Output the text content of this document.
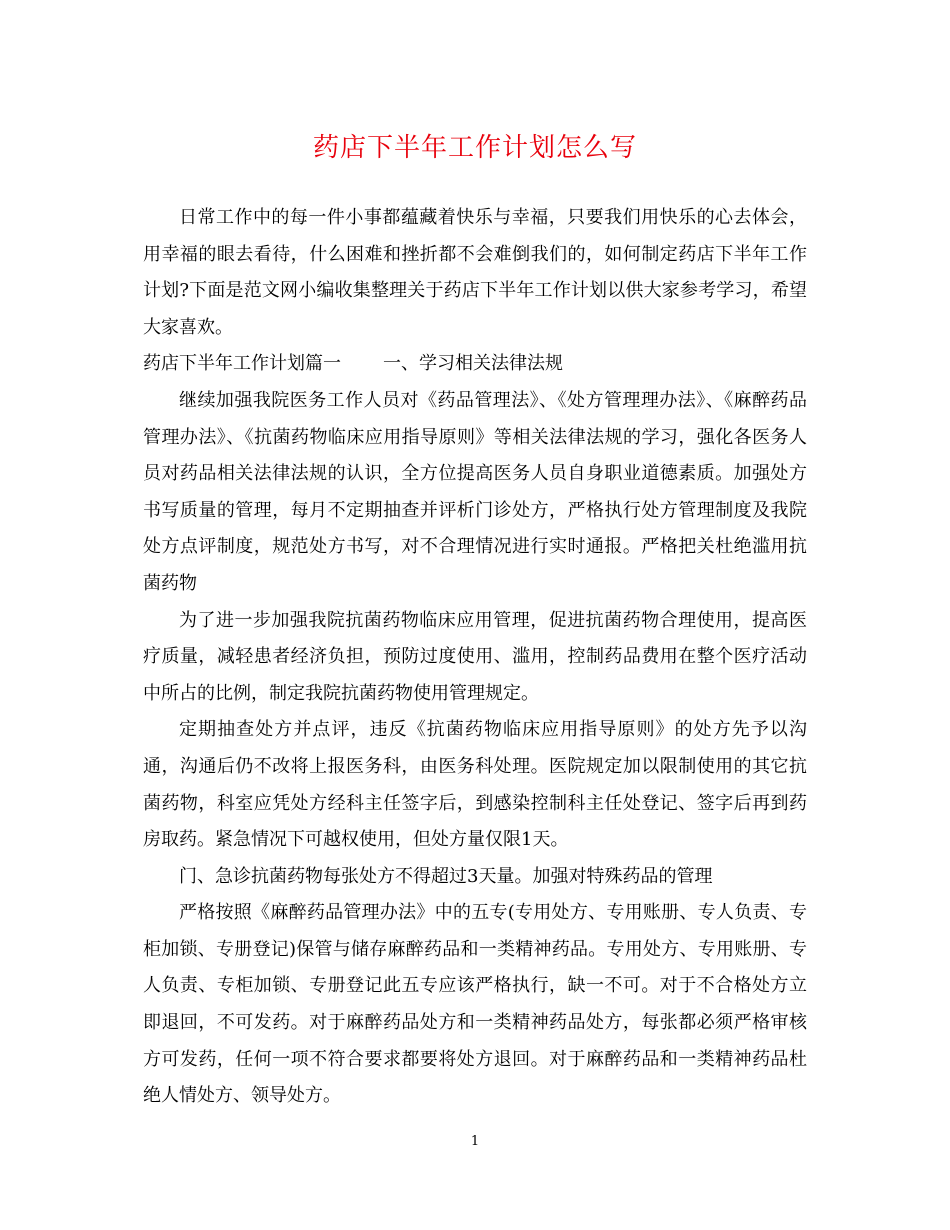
药店下半年工作计划怎么写

日常工作中的每一件小事都蕴藏着快乐与幸福，只要我们用快乐的心去体会，用幸福的眼去看待，什么困难和挫折都不会难倒我们的，如何制定药店下半年工作计划?下面是范文网小编收集整理关于药店下半年工作计划以供大家参考学习，希望大家喜欢。

药店下半年工作计划篇一 一、学习相关法律法规

继续加强我院医务工作人员对《药品管理法》、《处方管理理办法》、《麻醉药品管理办法》、《抗菌药物临床应用指导原则》等相关法律法规的学习，强化各医务人员对药品相关法律法规的认识，全方位提高医务人员自身职业道德素质。加强处方书写质量的管理，每月不定期抽查并评析门诊处方，严格执行处方管理制度及我院处方点评制度，规范处方书写，对不合理情况进行实时通报。严格把关杜绝滥用抗菌药物

为了进一步加强我院抗菌药物临床应用管理，促进抗菌药物合理使用，提高医疗质量，减轻患者经济负担，预防过度使用、滥用，控制药品费用在整个医疗活动中所占的比例，制定我院抗菌药物使用管理规定。

定期抽查处方并点评，违反《抗菌药物临床应用指导原则》的处方先予以沟通，沟通后仍不改将上报医务科，由医务科处理。医院规定加以限制使用的其它抗菌药物，科室应凭处方经科主任签字后，到感染控制科主任处登记、签字后再到药房取药。紧急情况下可越权使用，但处方量仅限1天。

门、急诊抗菌药物每张处方不得超过3天量。加强对特殊药品的管理

严格按照《麻醉药品管理办法》中的五专(专用处方、专用账册、专人负责、专柜加锁、专册登记)保管与储存麻醉药品和一类精神药品。专用处方、专用账册、专人负责、专柜加锁、专册登记此五专应该严格执行，缺一不可。对于不合格处方立即退回，不可发药。对于麻醉药品处方和一类精神药品处方，每张都必须严格审核方可发药，任何一项不符合要求都要将处方退回。对于麻醉药品和一类精神药品杜绝人情处方、领导处方。

1
